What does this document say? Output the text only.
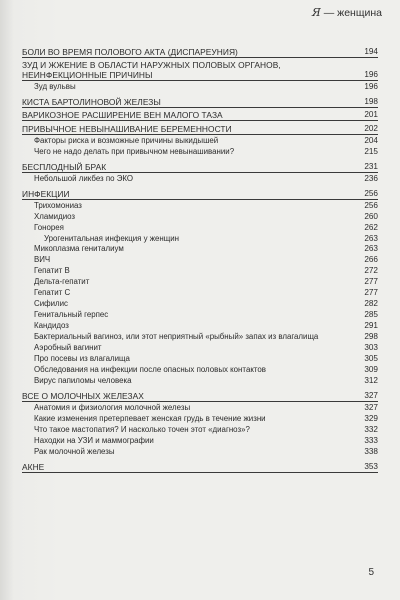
Я — женщина
БОЛИ ВО ВРЕМЯ ПОЛОВОГО АКТА (ДИСПАРЕУНИЯ)	194
ЗУД И ЖЖЕНИЕ В ОБЛАСТИ НАРУЖНЫХ ПОЛОВЫХ ОРГАНОВ, НЕИНФЕКЦИОННЫЕ ПРИЧИНЫ	196
Зуд вульвы	196
КИСТА БАРТОЛИНОВОЙ ЖЕЛЕЗЫ	198
ВАРИКОЗНОЕ РАСШИРЕНИЕ ВЕН МАЛОГО ТАЗА	201
ПРИВЫЧНОЕ НЕВЫНАШИВАНИЕ БЕРЕМЕННОСТИ	202
Факторы риска и возможные причины выкидышей	204
Чего не надо делать при привычном невынашивании?	215
БЕСПЛОДНЫЙ БРАК	231
Небольшой ликбез по ЭКО	236
ИНФЕКЦИИ	256
Трихомониаз	256
Хламидиоз	260
Гонорея	262
Урогенитальная инфекция у женщин	263
Микоплазма гениталиум	263
ВИЧ	266
Гепатит В	272
Дельта-гепатит	277
Гепатит С	277
Сифилис	282
Генитальный герпес	285
Кандидоз	291
Бактериальный вагиноз, или этот неприятный «рыбный» запах из влагалища	298
Аэробный вагинит	303
Про посевы из влагалища	305
Обследования на инфекции после опасных половых контактов	309
Вирус папиломы человека	312
ВСЕ О МОЛОЧНЫХ ЖЕЛЕЗАХ	327
Анатомия и физиология молочной железы	327
Какие изменения претерпевает женская грудь в течение жизни	329
Что такое мастопатия? И насколько точен этот «диагноз»?	332
Находки на УЗИ и маммографии	333
Рак молочной железы	338
АКНЕ	353
5
